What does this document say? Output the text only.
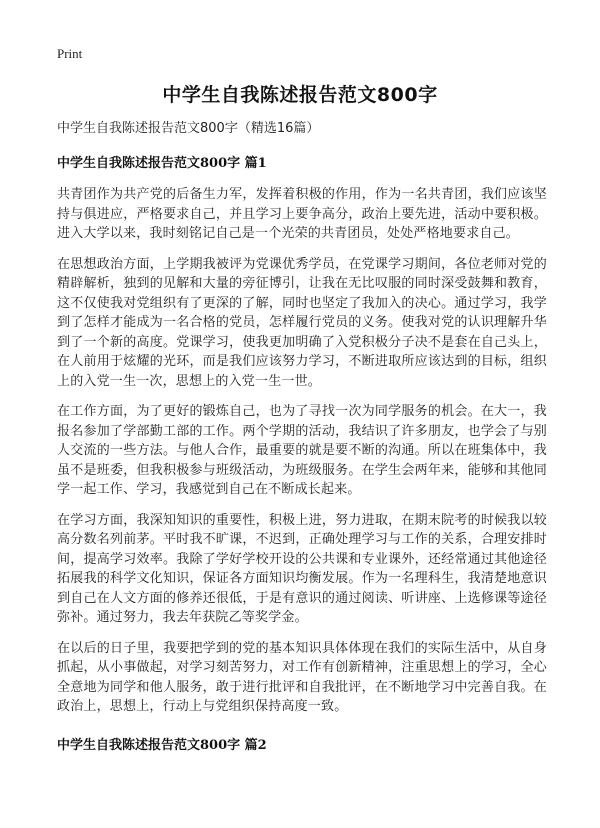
Print
中学生自我陈述报告范文800字
中学生自我陈述报告范文800字（精选16篇）
中学生自我陈述报告范文800字 篇1

共青团作为共产党的后备生力军，发挥着积极的作用，作为一名共青团，我们应该坚持与俱进应，严格要求自己，并且学习上要争高分，政治上要先进，活动中要积极。进入大学以来，我时刻铭记自己是一个光荣的共青团员，处处严格地要求自己。

在思想政治方面，上学期我被评为党课优秀学员，在党课学习期间，各位老师对党的精辟解析，独到的见解和大量的旁征博引，让我在无比叹服的同时深受鼓舞和教育，这不仅使我对党组织有了更深的了解，同时也坚定了我加入的决心。通过学习，我学到了怎样才能成为一名合格的党员，怎样履行党员的义务。使我对党的认识理解升华到了一个新的高度。党课学习，使我更加明确了入党积极分子决不是套在自己头上，在人前用于炫耀的光环，而是我们应该努力学习，不断进取所应该达到的目标，组织上的入党一生一次，思想上的入党一生一世。

在工作方面，为了更好的锻炼自己，也为了寻找一次为同学服务的机会。在大一，我报名参加了学部勤工部的工作。两个学期的活动，我结识了许多朋友，也学会了与别人交流的一些方法。与他人合作，最重要的就是要不断的沟通。所以在班集体中，我虽不是班委，但我积极参与班级活动，为班级服务。在学生会两年来，能够和其他同学一起工作、学习，我感觉到自己在不断成长起来。

在学习方面，我深知知识的重要性，积极上进，努力进取，在期末院考的时候我以较高分数名列前茅。平时我不旷课，不迟到，正确处理学习与工作的关系，合理安排时间，提高学习效率。我除了学好学校开设的公共课和专业课外，还经常通过其他途径拓展我的科学文化知识，保证各方面知识均衡发展。作为一名理科生，我清楚地意识到自己在人文方面的修养还很低，于是有意识的通过阅读、听讲座、上选修课等途径弥补。通过努力，我去年获院乙等奖学金。

在以后的日子里，我要把学到的党的基本知识具体体现在我们的实际生活中，从自身抓起，从小事做起，对学习刻苦努力，对工作有创新精神，注重思想上的学习，全心全意地为同学和他人服务，敢于进行批评和自我批评，在不断地学习中完善自我。在政治上，思想上，行动上与党组织保持高度一致。

中学生自我陈述报告范文800字 篇2
